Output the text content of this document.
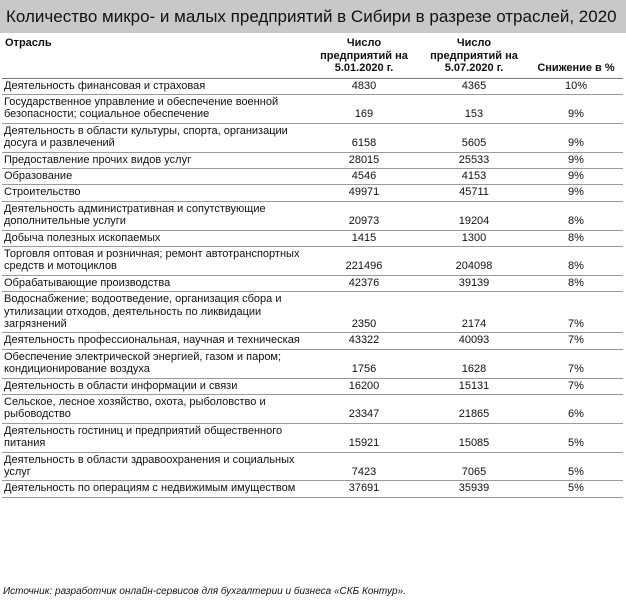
Количество микро- и малых предприятий в Сибири в разрезе отраслей, 2020
Отрасль	Число предприятий на 5.01.2020 г.	Число предприятий на 5.07.2020 г.	Снижение в %
Деятельность финансовая и страховая	4830	4365	10%
Государственное управление и обеспечение военной безопасности; социальное обеспечение	169	153	9%
Деятельность в области культуры, спорта, организации досуга и развлечений	6158	5605	9%
Предоставление прочих видов услуг	28015	25533	9%
Образование	4546	4153	9%
Строительство	49971	45711	9%
Деятельность административная и сопутствующие дополнительные услуги	20973	19204	8%
Добыча полезных ископаемых	1415	1300	8%
Торговля оптовая и розничная; ремонт автотранспортных средств и мотоциклов	221496	204098	8%
Обрабатывающие производства	42376	39139	8%
Водоснабжение; водоотведение, организация сбора и утилизации отходов, деятельность по ликвидации загрязнений	2350	2174	7%
Деятельность профессиональная, научная и техническая	43322	40093	7%
Обеспечение электрической энергией, газом и паром; кондиционирование воздуха	1756	1628	7%
Деятельность в области информации и связи	16200	15131	7%
Сельское, лесное хозяйство, охота, рыболовство и рыбоводство	23347	21865	6%
Деятельность гостиниц и предприятий общественного питания	15921	15085	5%
Деятельность в области здравоохранения и социальных услуг	7423	7065	5%
Деятельность по операциям с недвижимым имуществом	37691	35939	5%
Источник: разработчик онлайн-сервисов для бухгалтерии и бизнеса «СКБ Контур».
